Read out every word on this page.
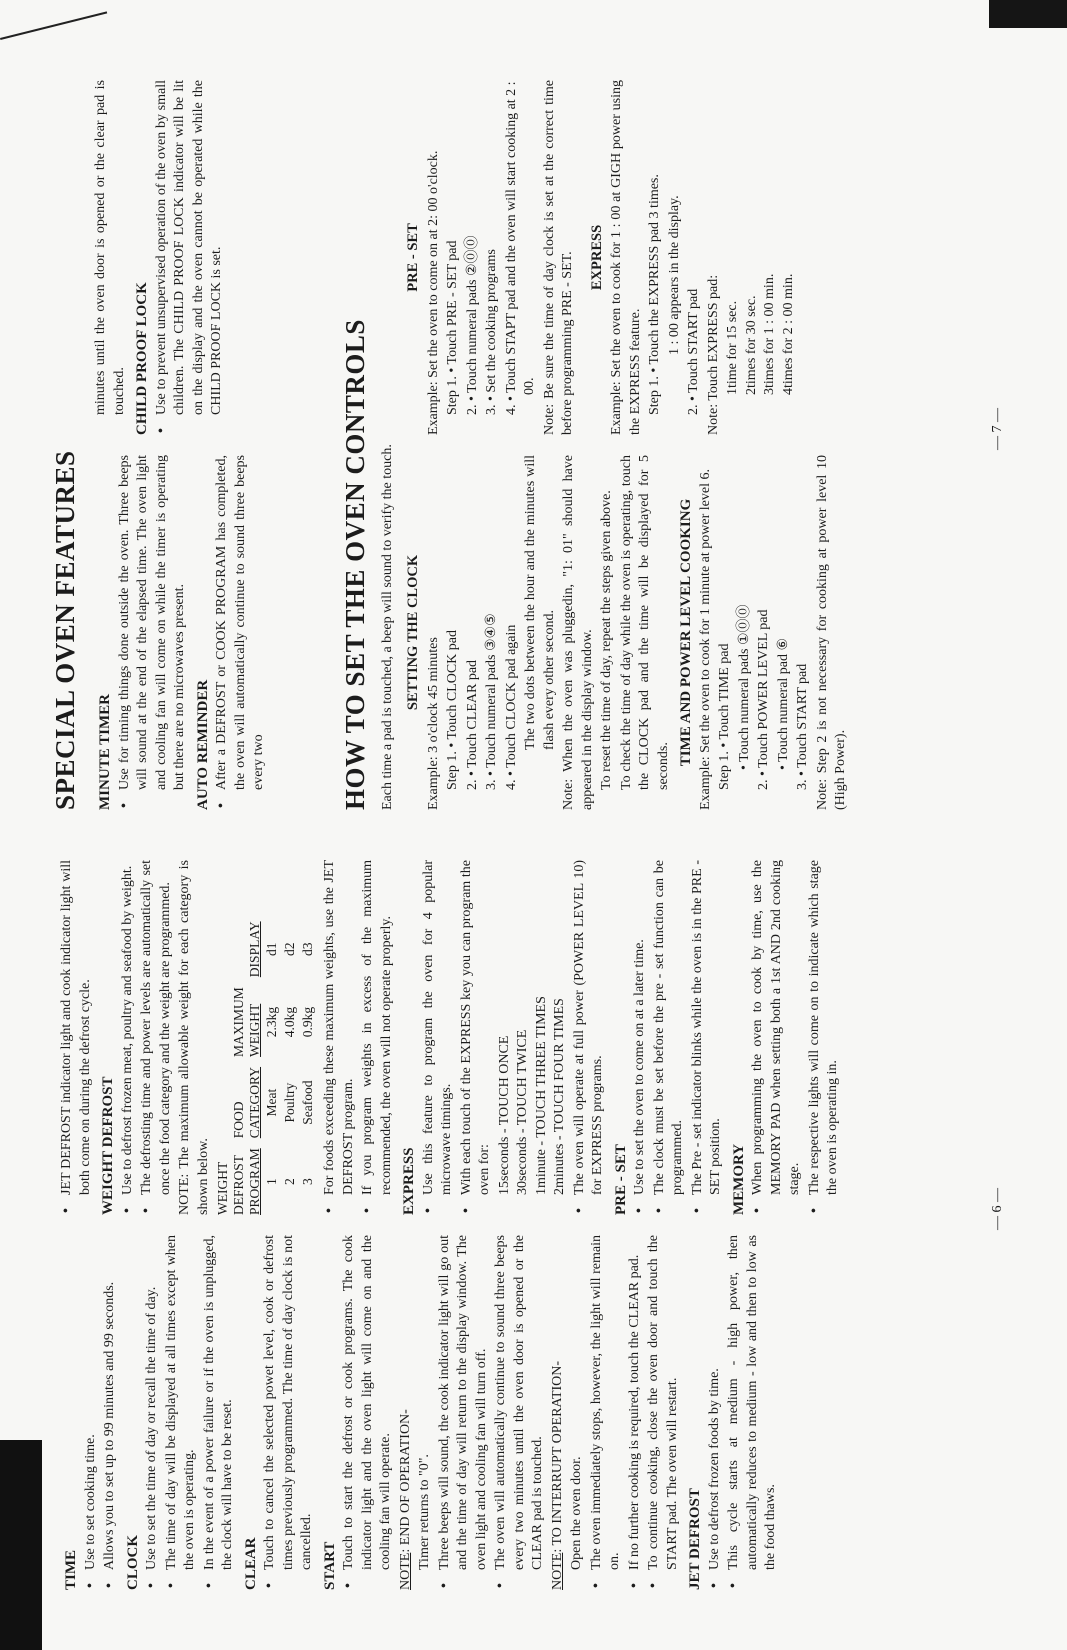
TIME • Use to set cooking time. • Allows you to set up to 99 minutes and 99 seconds. CLOCK • Use to set the time of day or recall the time of day. • The time of day will be displayed at all times except when the oven is operating. • In the event of a power failure or if the oven is unplugged, the clock will have to be reset. CLEAR • Touch to cancel the selected powet level, cook or defrost times previously programmed. The time of day clock is not cancelled. START • Touch to start the defrost or cook programs. The cook indicator light and the oven light will come on and the cooling fan will operate.
NOTE: END OF OPERATION- Timer returns to "0". • Three beeps will sound, the cook indicator light will go out and the time of day will return to the display window. The oven light and cooling fan will turn off. • The oven will automatically continue to sound three beeps every two minutes until the oven door is opened or the CLEAR pad is touched.
NOTE: TO INTERRUPT OPERATION- Open the oven door. • The oven immediately stops, however, the light will remain on. • If no further cooking is required, touch the CLEAR pad. • To continue cooking, close the oven door and touch the START pad. The oven will restart. JET DEFROST • Use to defrost frozen foods by time. • This cycle starts at medium - high power, then automatically reduces to medium - low and then to low as the food thaws.
• JET DEFROST indicator light and cook indicator light will both come on during the defrost cycle. WEIGHT DEFROST • Use to defrost frozen meat, poultry and seafood by weight. • The defrosting time and power levels are automatically set once the food category and the weight are programmed.
NOTE: The maximum allowable weight for each category is shown below. WEIGHT			
DEFROST	FOOD	MAXIMUM	
PROGRAM	CATEGORY	WEIGHT	DISPLAY
1	Meat	2.3kg	d1
2	Poultry	4.0kg	d2
3	Seafood	0.9kg	d3 • For foods exceeding these maximum weights, use the JET DEFROST program. • If you program weights in excess of the maximum recommended, the oven will not operate properly. EXPRESS • Use this feature to program the oven for 4 popular microwave timings. • With each touch of the EXPRESS key you can program the oven for: 15seconds - TOUCH ONCE
30seconds - TOUCH TWICE
1minute - TOUCH THREE TIMES
2minutes - TOUCH FOUR TIMES • The oven will operate at full power (POWER LEVEL 10) for EXPRESS programs. PRE - SET • Use to set the oven to come on at a later time. • The clock must be set before the pre - set function can be programmed. • The Pre - set indicator blinks while the oven is in the PRE - SET position. MEMORY • When programming the oven to cook by time, use the MEMORY PAD when setting both a 1st AND 2nd cooking stage. • The respective lights will come on to indicate which stage the oven is operating in.
— 6 —
SPECIAL OVEN FEATURES MINUTE TIMER • Use for timing things done outside the oven. Three beeps will sound at the end of the elapsed time. The oven light and cooling fan will come on while the timer is operating but there are no microwaves present. AUTO REMINDER • After a DEFROST or COOK PROGRAM has completed, the oven will automatically continue to sound three beeps every two
minutes until the oven door is opened or the clear pad is touched. CHILD PROOF LOCK • Use to prevent unsupervised operation of the oven by small children. The CHILD PROOF LOCK indicator will be lit on the display and the oven cannot be operated while the CHILD PROOF LOCK is set.	HOW TO SET THE OVEN CONTROLS Each time a pad is touched, a beep will sound to verify the touch. SETTING THE CLOCK

Example: 3 o'clock 45 minutes Step 1. • Touch CLOCK pad 2. • Touch CLEAR pad 3. • Touch numeral pads ③④⑤ 4. • Touch CLOCK pad again The two dots between the hour and the minutes will flash every other second. Note: When the oven was pluggedin, "1: 01" should have appeared in the display window. To reset the time of day, repeat the steps given above. To check the time of day while the oven is operating, touch the CLOCK pad and the time will be displayed for 5 seconds. TIME AND POWER LEVEL COOKING Example: Set the oven to cook for 1 minute at power level 6. Step 1. • Touch TIME pad • Touch numeral pads ①⓪⓪ 2. • Touch POWER LEVEL pad • Touch numeral pad ⑥ 3. • Touch START pad Note: Step 2 is not necessary for cooking at power level 10 (High Power).

PRE - SET Example: Set the oven to come on at 2: 00 o'clock. Step 1. • Touch PRE - SET pad 2. • Touch numeral pads ②⓪⓪ 3. • Set the cooking programs 4. • Touch STAPT pad and the oven will start cooking at 2 : 00. Note: Be sure the time of day clock is set at the correct time before programming PRE - SET. EXPRESS Example: Set the oven to cook for 1 : 00 at GIGH power using the EXPRESS feature. Step 1. • Touch the EXPRESS pad 3 times. 1 : 00 appears in the display. 2. • Touch START pad Note: Touch EXPRESS pad: 1time for 15 sec. 2times for 30 sec. 3times for 1 : 00 min. 4times for 2 : 00 min.
— 7 —
